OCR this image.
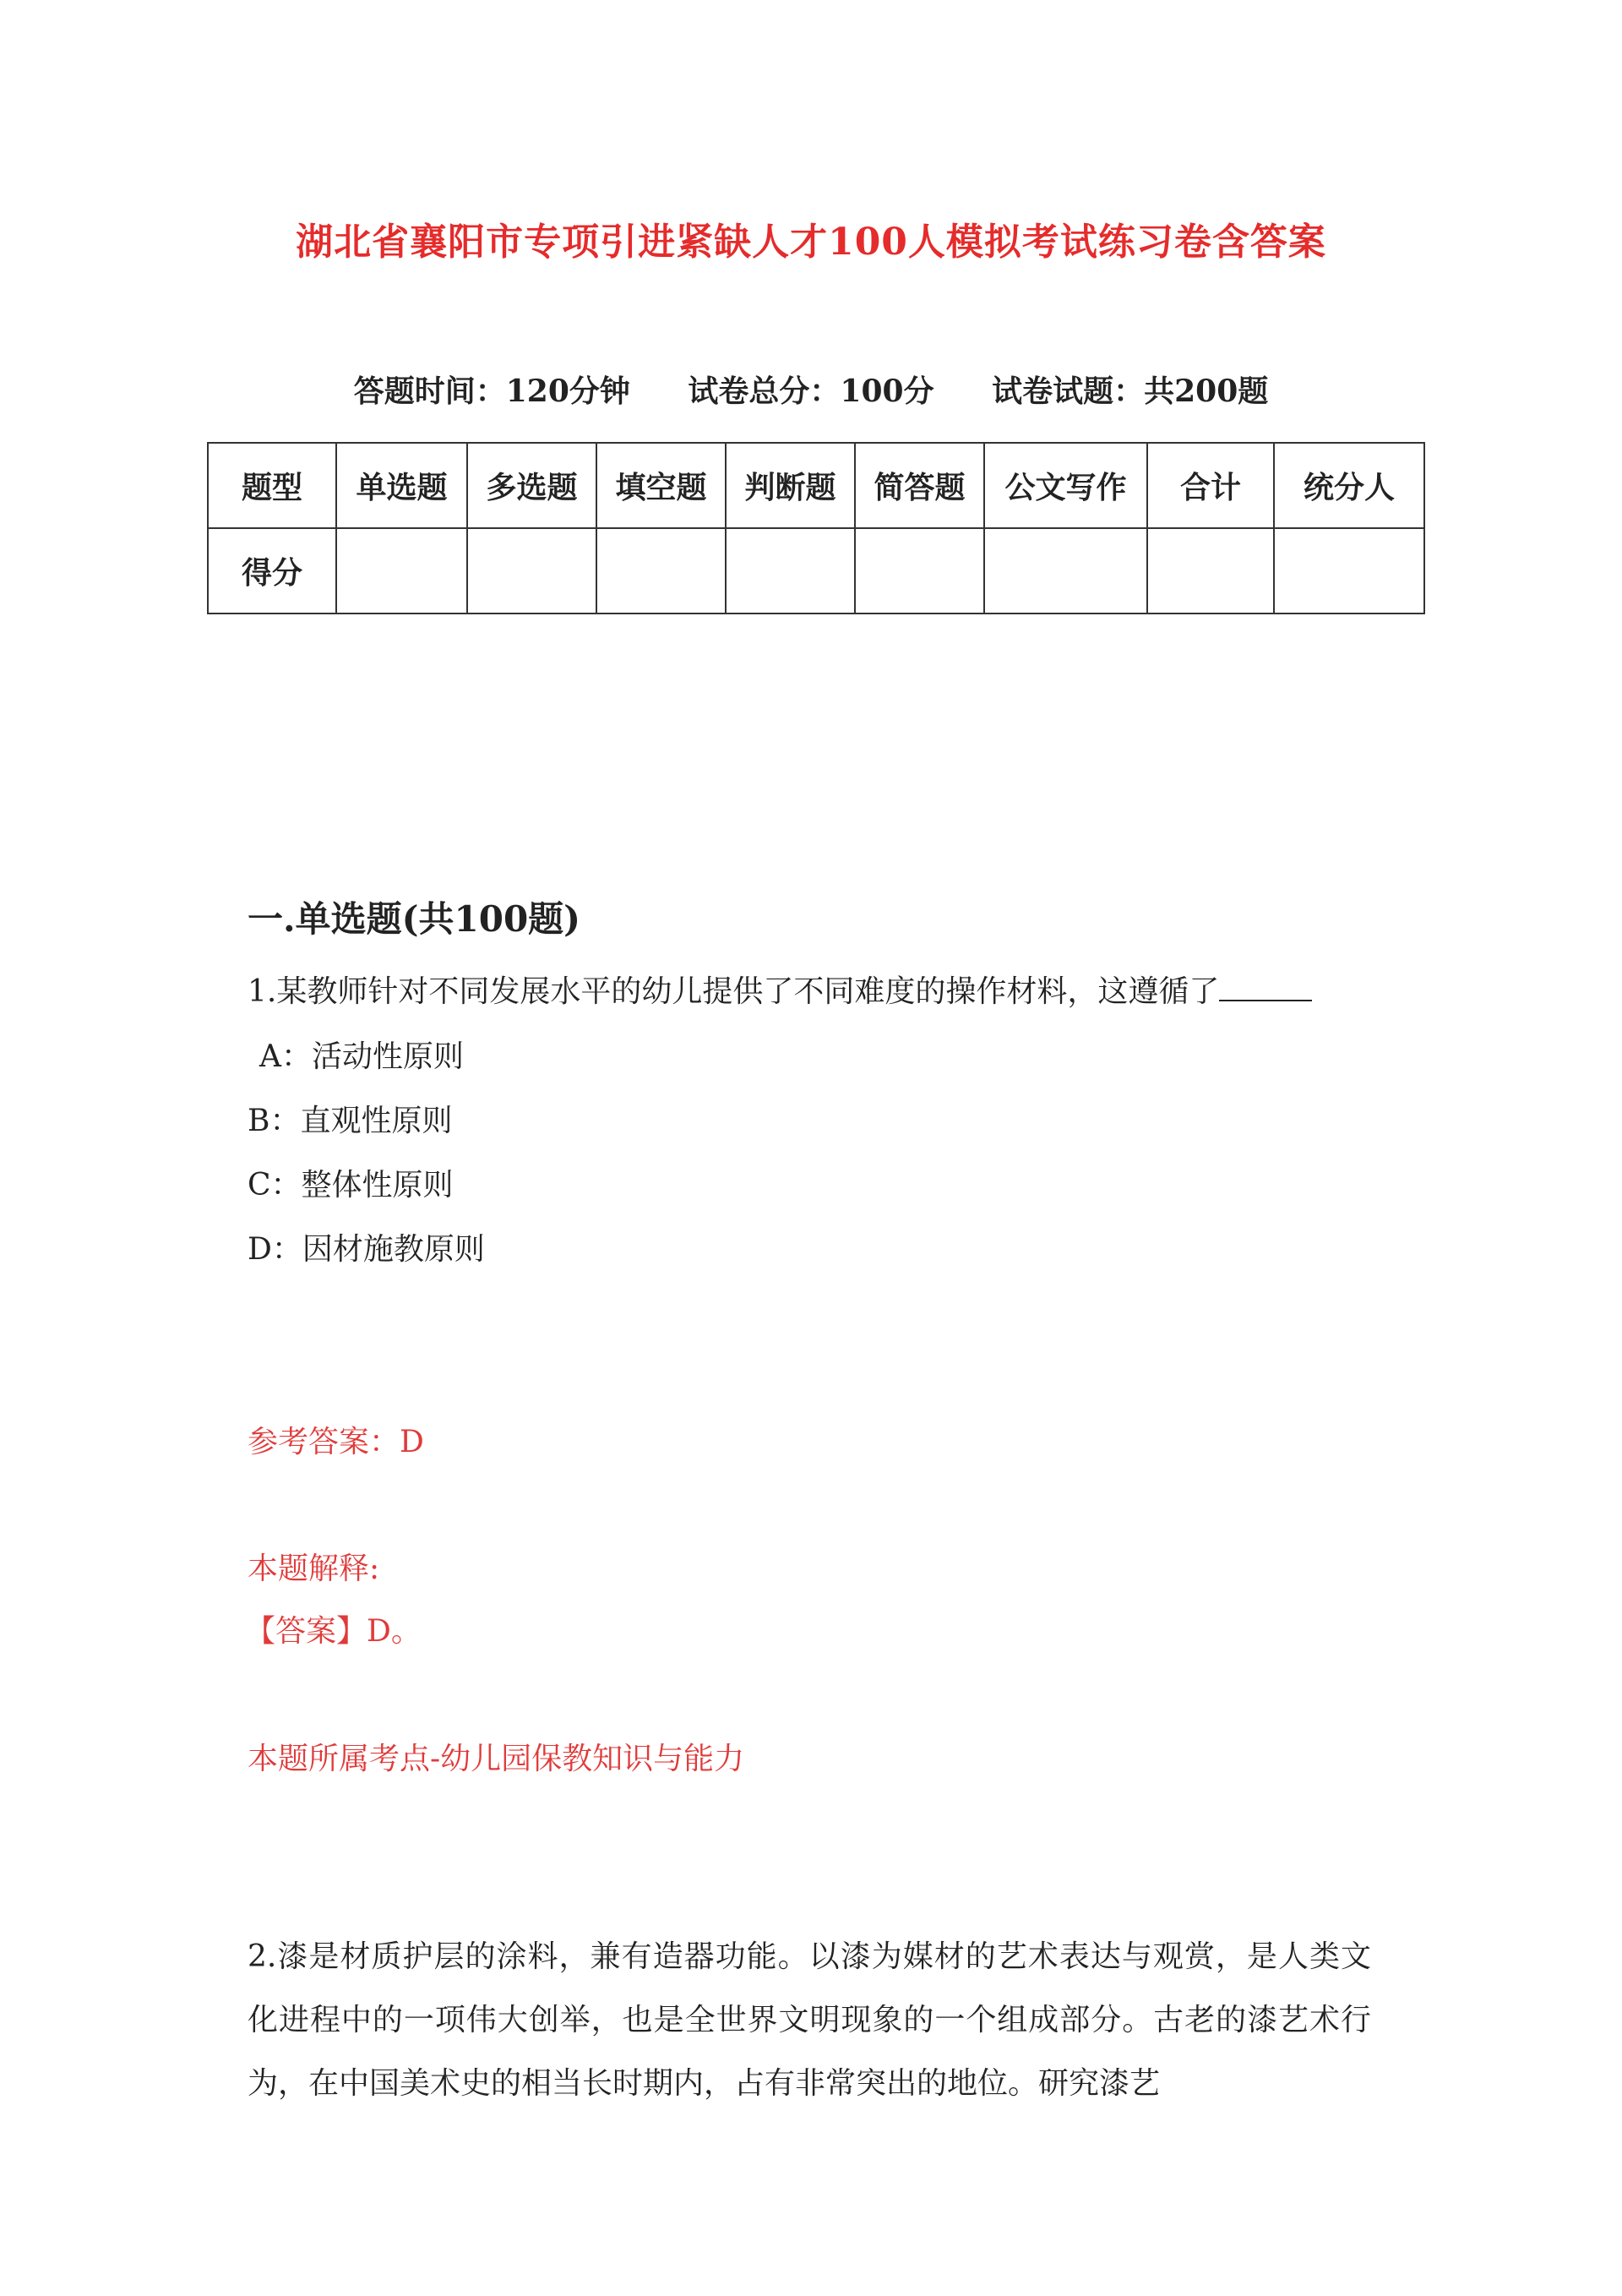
湖北省襄阳市专项引进紧缺人才100人模拟考试练习卷含答案
答题时间：120分钟 试卷总分：100分 试卷试题：共200题
题型	单选题	多选题	填空题	判断题	简答题	公文写作	合计	统分人
得分								
一.单选题(共100题)
1.某教师针对不同发展水平的幼儿提供了不同难度的操作材料，这遵循了
A：活动性原则
B：直观性原则
C：整体性原则
D：因材施教原则
参考答案：D
本题解释:
【答案】D。
本题所属考点-幼儿园保教知识与能力
2.漆是材质护层的涂料，兼有造器功能。以漆为媒材的艺术表达与观赏，是人类文化进程中的一项伟大创举，也是全世界文明现象的一个组成部分。古老的漆艺术行为，在中国美术史的相当长时期内，占有非常突出的地位。研究漆艺
